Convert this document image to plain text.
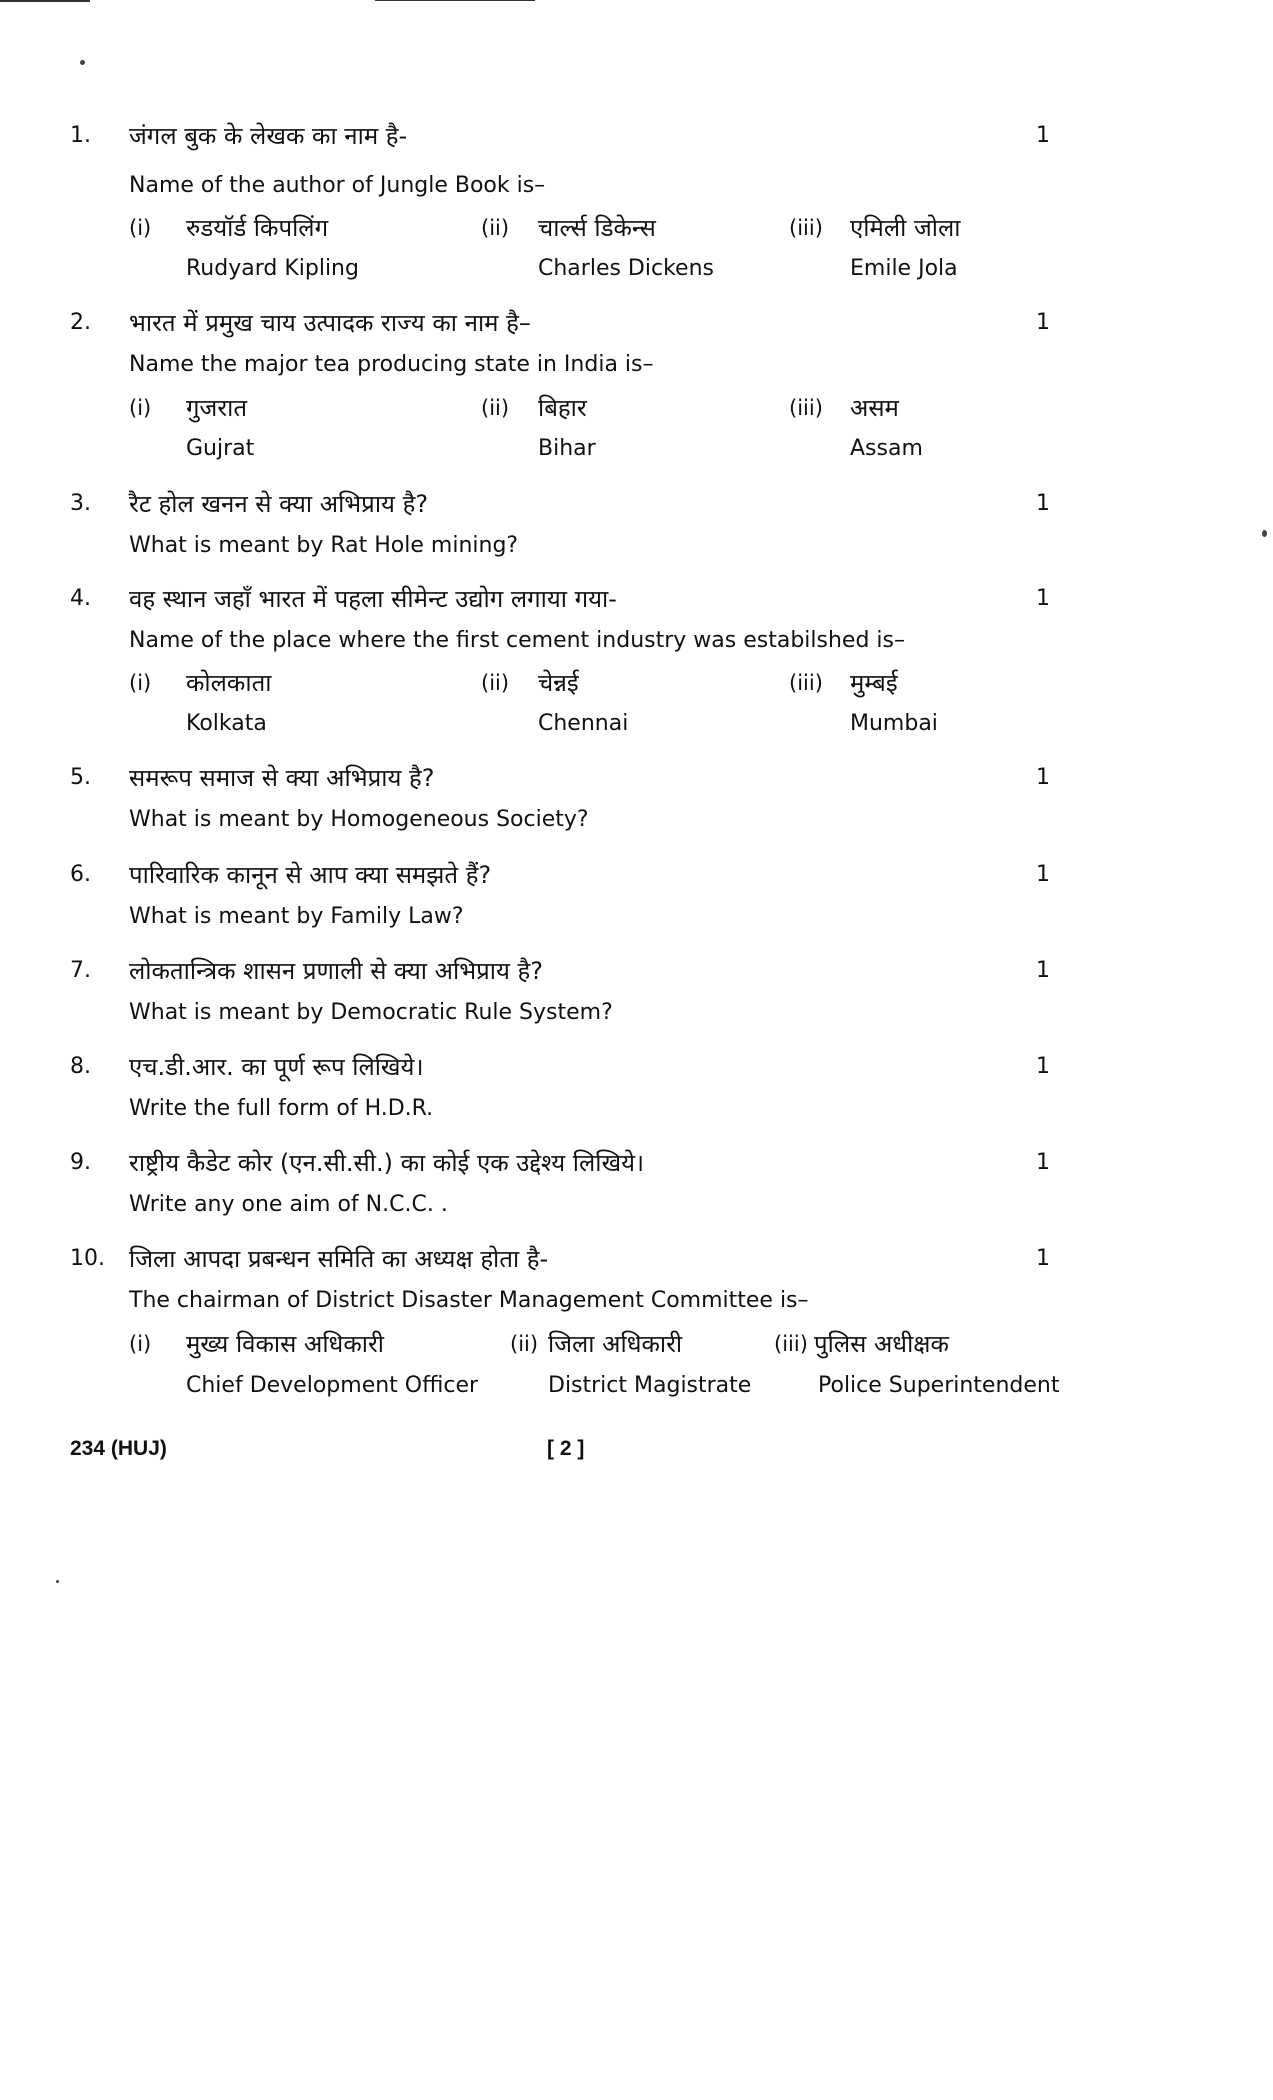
1. जंगल बुक के लेखक का नाम है-	1
Name of the author of Jungle Book is–
(i) रुडयॉर्ड किपलिंग
Rudyard Kipling
(ii) चार्ल्स डिकेन्स
Charles Dickens
(iii) एमिली जोला
Emile Jola
2. भारत में प्रमुख चाय उत्पादक राज्य का नाम है–	1
Name the major tea producing state in India is–
(i) गुजरात
Gujrat
(ii) बिहार
Bihar
(iii) असम
Assam
3. रैट होल खनन से क्या अभिप्राय है?	1
What is meant by Rat Hole mining?
4. वह स्थान जहाँ भारत में पहला सीमेन्ट उद्योग लगाया गया-	1
Name of the place where the first cement industry was estabilshed is–
(i) कोलकाता
Kolkata
(ii) चेन्नई
Chennai
(iii) मुम्बई
Mumbai
5. समरूप समाज से क्या अभिप्राय है?	1
What is meant by Homogeneous Society?
6. पारिवारिक कानून से आप क्या समझते हैं?	1
What is meant by Family Law?
7. लोकतान्त्रिक शासन प्रणाली से क्या अभिप्राय है?	1
What is meant by Democratic Rule System?
8. एच.डी.आर. का पूर्ण रूप लिखिये।	1
Write the full form of H.D.R.
9. राष्ट्रीय कैडेट कोर (एन.सी.सी.) का कोई एक उद्देश्य लिखिये।	1
Write any one aim of N.C.C. .
10. जिला आपदा प्रबन्धन समिति का अध्यक्ष होता है-	1
The chairman of District Disaster Management Committee is–
(i) मुख्य विकास अधिकारी
Chief Development Officer
(ii) जिला अधिकारी
District Magistrate
(iii) पुलिस अधीक्षक
Police Superintendent
234 (HUJ)	[ 2 ]
